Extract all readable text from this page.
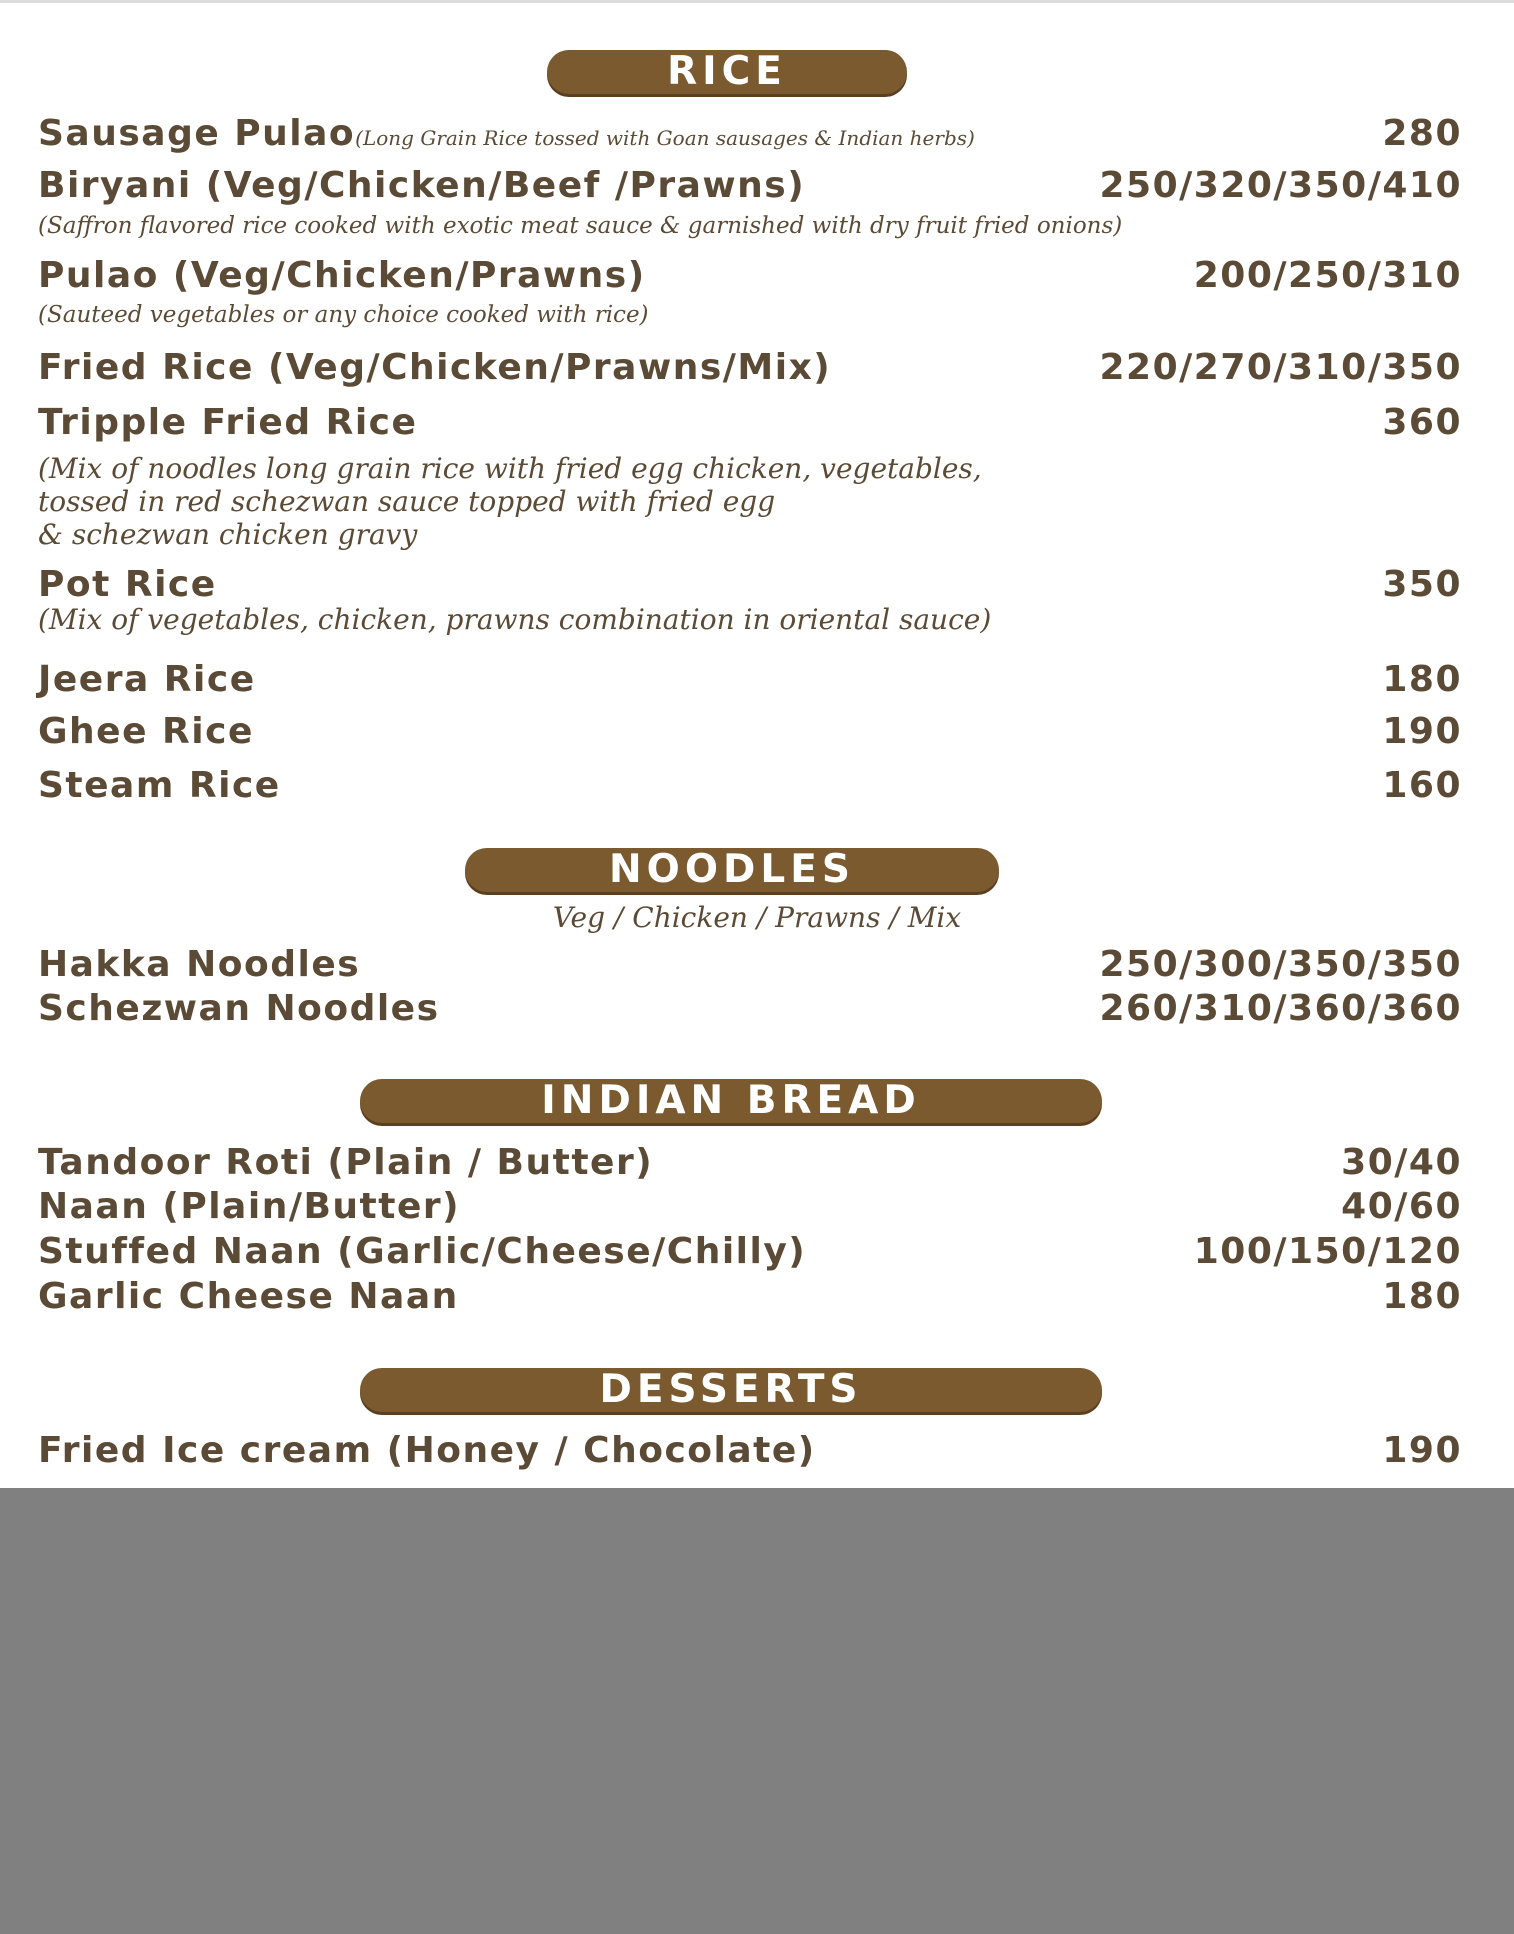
RICE
Sausage Pulao(Long Grain Rice tossed with Goan sausages & Indian herbs)	280
Biryani (Veg/Chicken/Beef /Prawns)	250/320/350/410
(Saffron flavored rice cooked with exotic meat sauce & garnished with dry fruit fried onions)
Pulao (Veg/Chicken/Prawns)	200/250/310
(Sauteed vegetables or any choice cooked with rice)
Fried Rice (Veg/Chicken/Prawns/Mix)	220/270/310/350
Tripple Fried Rice	360
(Mix of noodles long grain rice with fried egg chicken, vegetables,
tossed in red schezwan sauce topped with fried egg
& schezwan chicken gravy
Pot Rice	350
(Mix of vegetables, chicken, prawns combination in oriental sauce)
Jeera Rice	180
Ghee Rice	190
Steam Rice	160
NOODLES
Veg / Chicken / Prawns / Mix
Hakka Noodles	250/300/350/350
Schezwan Noodles	260/310/360/360
INDIAN BREAD
Tandoor Roti (Plain / Butter)	30/40
Naan (Plain/Butter)	40/60
Stuffed Naan (Garlic/Cheese/Chilly)	100/150/120
Garlic Cheese Naan	180
DESSERTS
Fried Ice cream (Honey / Chocolate)	190
